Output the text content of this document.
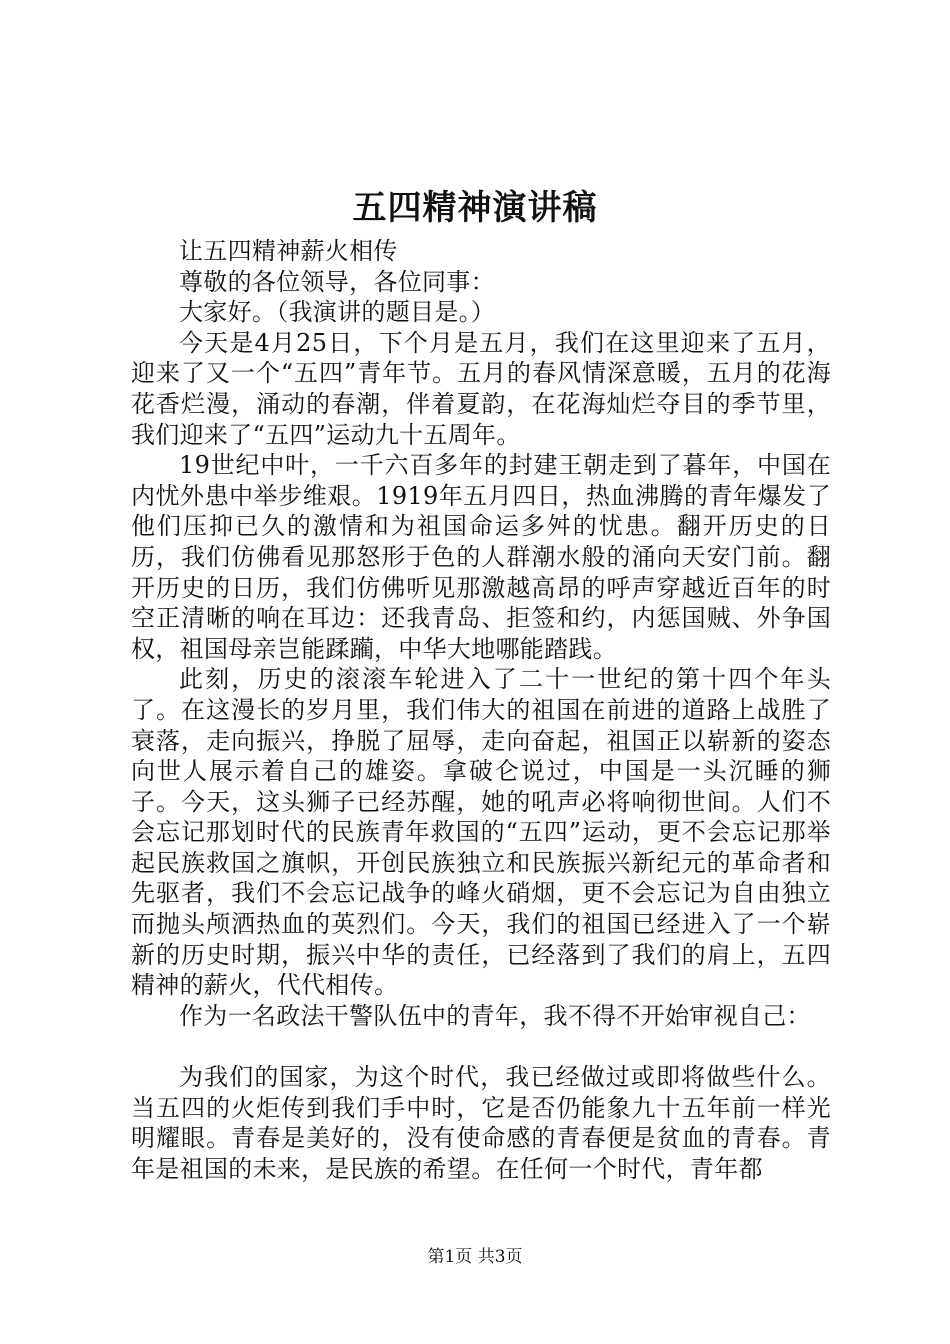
五四精神演讲稿

让五四精神薪火相传

尊敬的各位领导，各位同事：

大家好。（我演讲的题目是。）

今天是4月25日，下个月是五月，我们在这里迎来了五月，迎来了又一个“五四”青年节。五月的春风情深意暖，五月的花海花香烂漫，涌动的春潮，伴着夏韵，在花海灿烂夺目的季节里，我们迎来了“五四”运动九十五周年。

19世纪中叶，一千六百多年的封建王朝走到了暮年，中国在内忧外患中举步维艰。1919年五月四日，热血沸腾的青年爆发了他们压抑已久的激情和为祖国命运多舛的忧患。翻开历史的日历，我们仿佛看见那怒形于色的人群潮水般的涌向天安门前。翻开历史的日历，我们仿佛听见那激越高昂的呼声穿越近百年的时空正清晰的响在耳边：还我青岛、拒签和约，内惩国贼、外争国权，祖国母亲岂能蹂躏，中华大地哪能踏践。

此刻，历史的滚滚车轮进入了二十一世纪的第十四个年头了。在这漫长的岁月里，我们伟大的祖国在前进的道路上战胜了衰落，走向振兴，挣脱了屈辱，走向奋起，祖国正以崭新的姿态向世人展示着自己的雄姿。拿破仑说过，中国是一头沉睡的狮子。今天，这头狮子已经苏醒，她的吼声必将响彻世间。人们不会忘记那划时代的民族青年救国的“五四”运动，更不会忘记那举起民族救国之旗帜，开创民族独立和民族振兴新纪元的革命者和先驱者，我们不会忘记战争的峰火硝烟，更不会忘记为自由独立而抛头颅洒热血的英烈们。今天，我们的祖国已经进入了一个崭新的历史时期，振兴中华的责任，已经落到了我们的肩上，五四精神的薪火，代代相传。

作为一名政法干警队伍中的青年，我不得不开始审视自己：

为我们的国家，为这个时代，我已经做过或即将做些什么。当五四的火炬传到我们手中时，它是否仍能象九十五年前一样光明耀眼。青春是美好的，没有使命感的青春便是贫血的青春。青年是祖国的未来，是民族的希望。在任何一个时代，青年都

第1页 共3页
